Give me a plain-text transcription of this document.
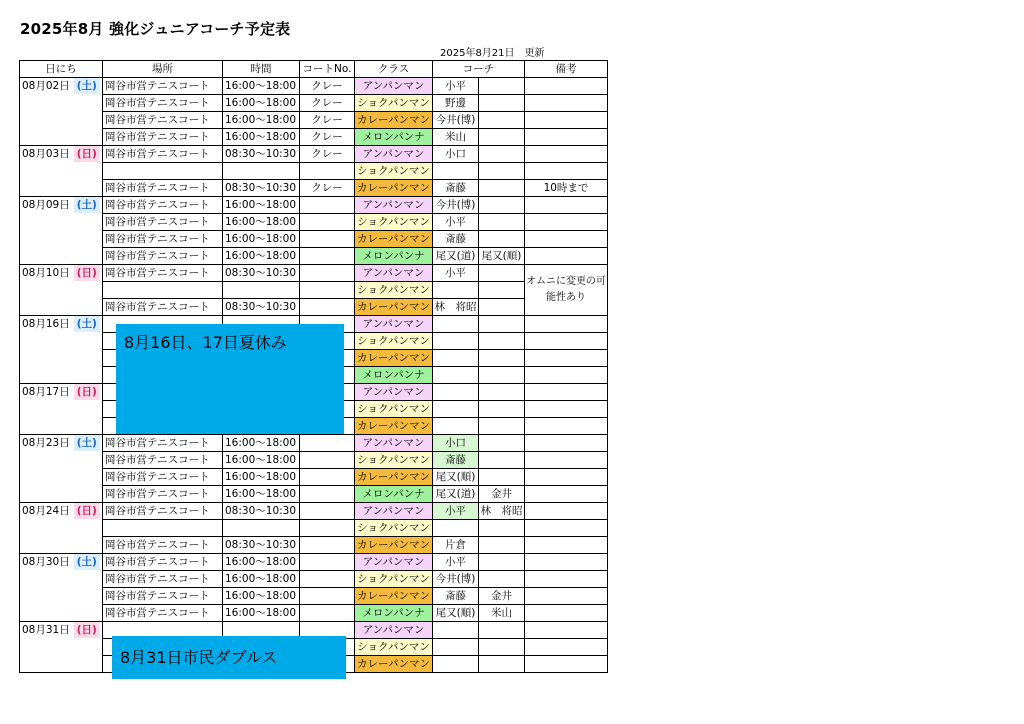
2025年8月 強化ジュニアコーチ予定表
2025年8月21日　更新
日にち	場所	時間	コートNo.	クラス	コーチ		備考
08月02日 (土)	岡谷市営テニスコート	16:00～18:00	クレー	アンパンマン	小平		
	岡谷市営テニスコート	16:00～18:00	クレー	ショクパンマン	野邊		
	岡谷市営テニスコート	16:00～18:00	クレー	カレーパンマン	今井(博)		
	岡谷市営テニスコート	16:00～18:00	クレー	メロンパンナ	米山		
08月03日 (日)	岡谷市営テニスコート	08:30～10:30	クレー	アンパンマン	小口		
				ショクパンマン			
	岡谷市営テニスコート	08:30～10:30	クレー	カレーパンマン	斎藤		10時まで
08月09日 (土)	岡谷市営テニスコート	16:00～18:00		アンパンマン	今井(博)		
	岡谷市営テニスコート	16:00～18:00		ショクパンマン	小平		
	岡谷市営テニスコート	16:00～18:00		カレーパンマン	斎藤		
	岡谷市営テニスコート	16:00～18:00		メロンパンナ	尾又(道)	尾又(順)	
08月10日 (日)	岡谷市営テニスコート	08:30～10:30		アンパンマン	小平		オムニに変更の可能性あり
				ショクパンマン			
	岡谷市営テニスコート	08:30～10:30		カレーパンマン	林　将昭		
08月16日 (土)				アンパンマン			
				ショクパンマン			
				カレーパンマン			
				メロンパンナ			
08月17日 (日)				アンパンマン			
				ショクパンマン			
				カレーパンマン			
08月23日 (土)	岡谷市営テニスコート	16:00～18:00		アンパンマン	小口		
	岡谷市営テニスコート	16:00～18:00		ショクパンマン	斎藤		
	岡谷市営テニスコート	16:00～18:00		カレーパンマン	尾又(順)		
	岡谷市営テニスコート	16:00～18:00		メロンパンナ	尾又(道)	金井	
08月24日 (日)	岡谷市営テニスコート	08:30～10:30		アンパンマン	小平	林　将昭	
				ショクパンマン			
	岡谷市営テニスコート	08:30～10:30		カレーパンマン	片倉		
08月30日 (土)	岡谷市営テニスコート	16:00～18:00		アンパンマン	小平		
	岡谷市営テニスコート	16:00～18:00		ショクパンマン	今井(博)		
	岡谷市営テニスコート	16:00～18:00		カレーパンマン	斎藤	金井	
	岡谷市営テニスコート	16:00～18:00		メロンパンナ	尾又(順)	米山	
08月31日 (日)				アンパンマン			
				ショクパンマン			
				カレーパンマン			
8月16日、17日夏休み
8月31日市民ダブルス
